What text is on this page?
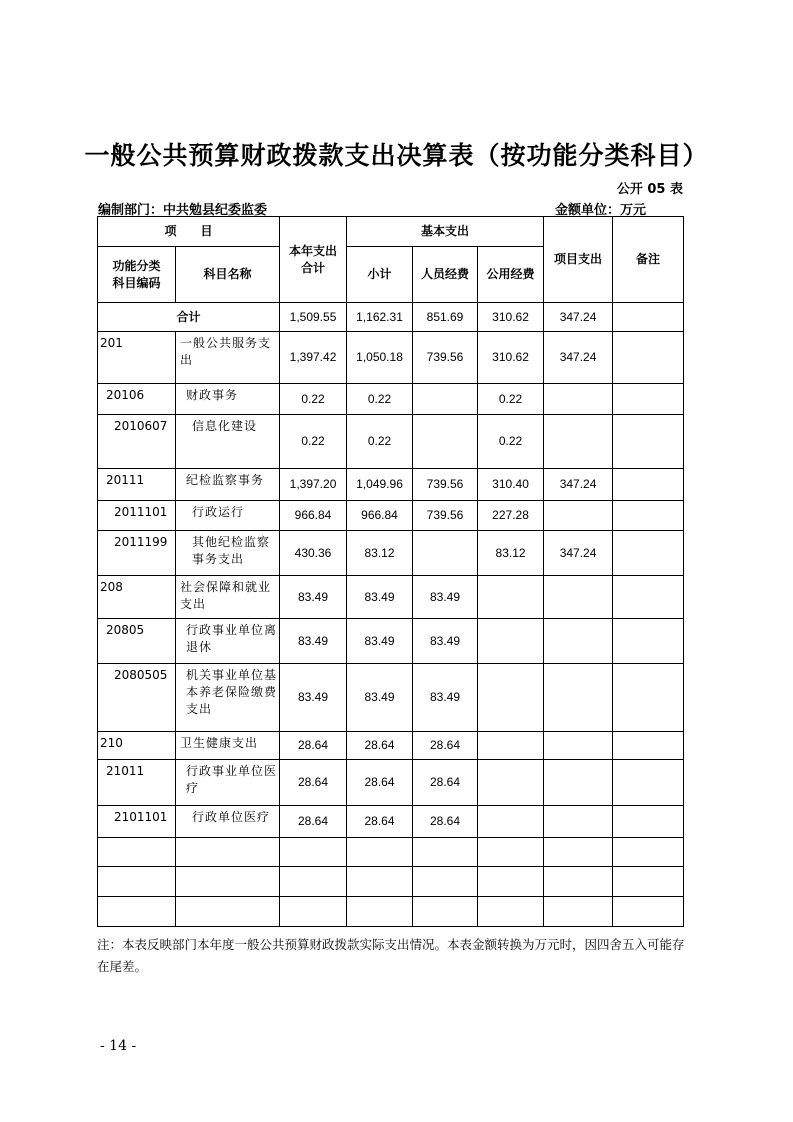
一般公共预算财政拨款支出决算表（按功能分类科目）
公开 05 表
编制部门：中共勉县纪委监委	金额单位：万元
项　　目		本年支出合计	基本支出			项目支出	备注
功能分类科目编码	科目名称		小计	人员经费	公用经费		
合计		1,509.55	1,162.31	851.69	310.62	347.24	
201	一般公共服务支出	1,397.42	1,050.18	739.56	310.62	347.24	
20106	财政事务	0.22	0.22		0.22		
2010607	信息化建设	0.22	0.22		0.22		
20111	纪检监察事务	1,397.20	1,049.96	739.56	310.40	347.24	
2011101	行政运行	966.84	966.84	739.56	227.28		
2011199	其他纪检监察事务支出	430.36	83.12		83.12	347.24	
208	社会保障和就业支出	83.49	83.49	83.49			
20805	行政事业单位离退休	83.49	83.49	83.49			
2080505	机关事业单位基本养老保险缴费支出	83.49	83.49	83.49			
210	卫生健康支出	28.64	28.64	28.64			
21011	行政事业单位医疗	28.64	28.64	28.64			
2101101	行政单位医疗	28.64	28.64	28.64			

注：本表反映部门本年度一般公共预算财政拨款实际支出情况。本表金额转换为万元时，因四舍五入可能存在尾差。
- 14 -
